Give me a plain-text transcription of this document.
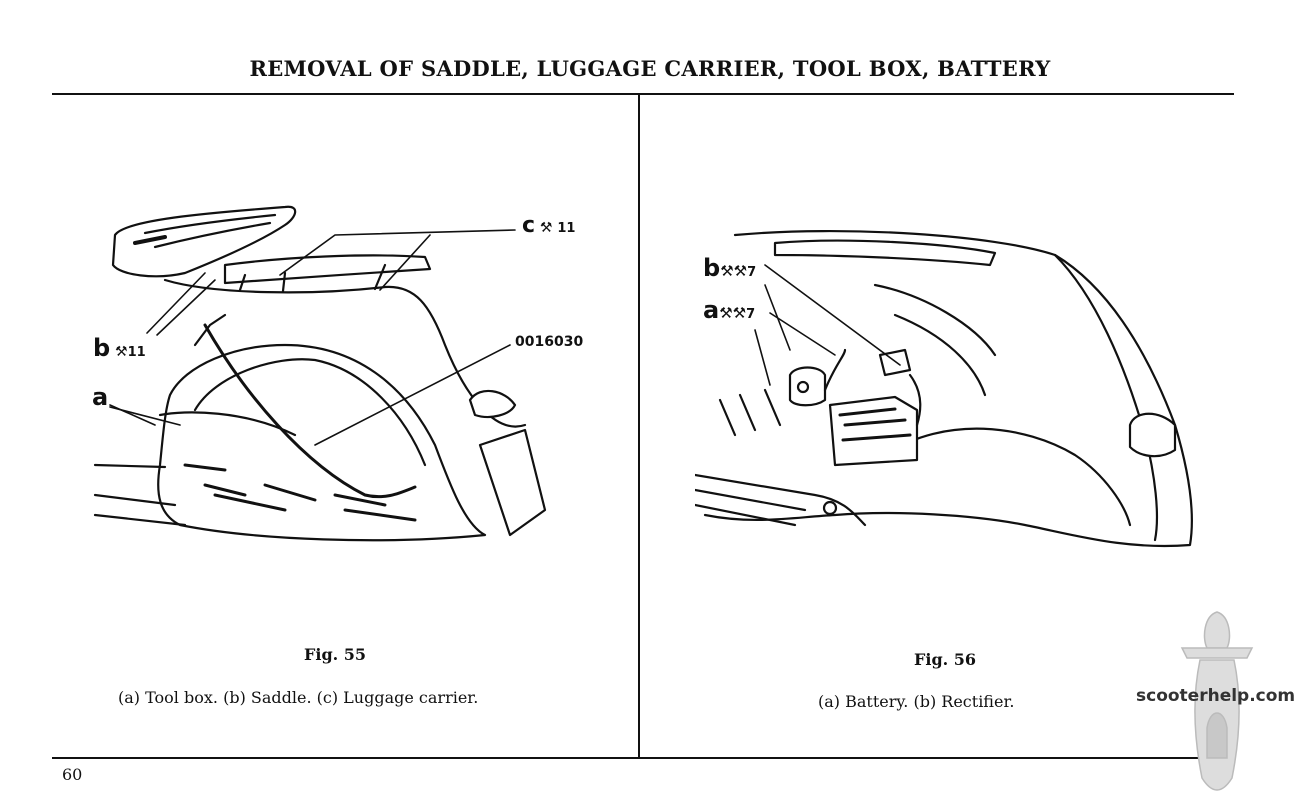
REMOVAL OF SADDLE, LUGGAGE CARRIER, TOOL BOX, BATTERY
c ⚒ 11
b ⚒11
a
0016030
Fig. 55
(a) Tool box. (b) Saddle. (c) Luggage carrier.
b⚒⚒7
a⚒⚒7
Fig. 56
(a) Battery. (b) Rectifier.
60
scooterhelp.com
